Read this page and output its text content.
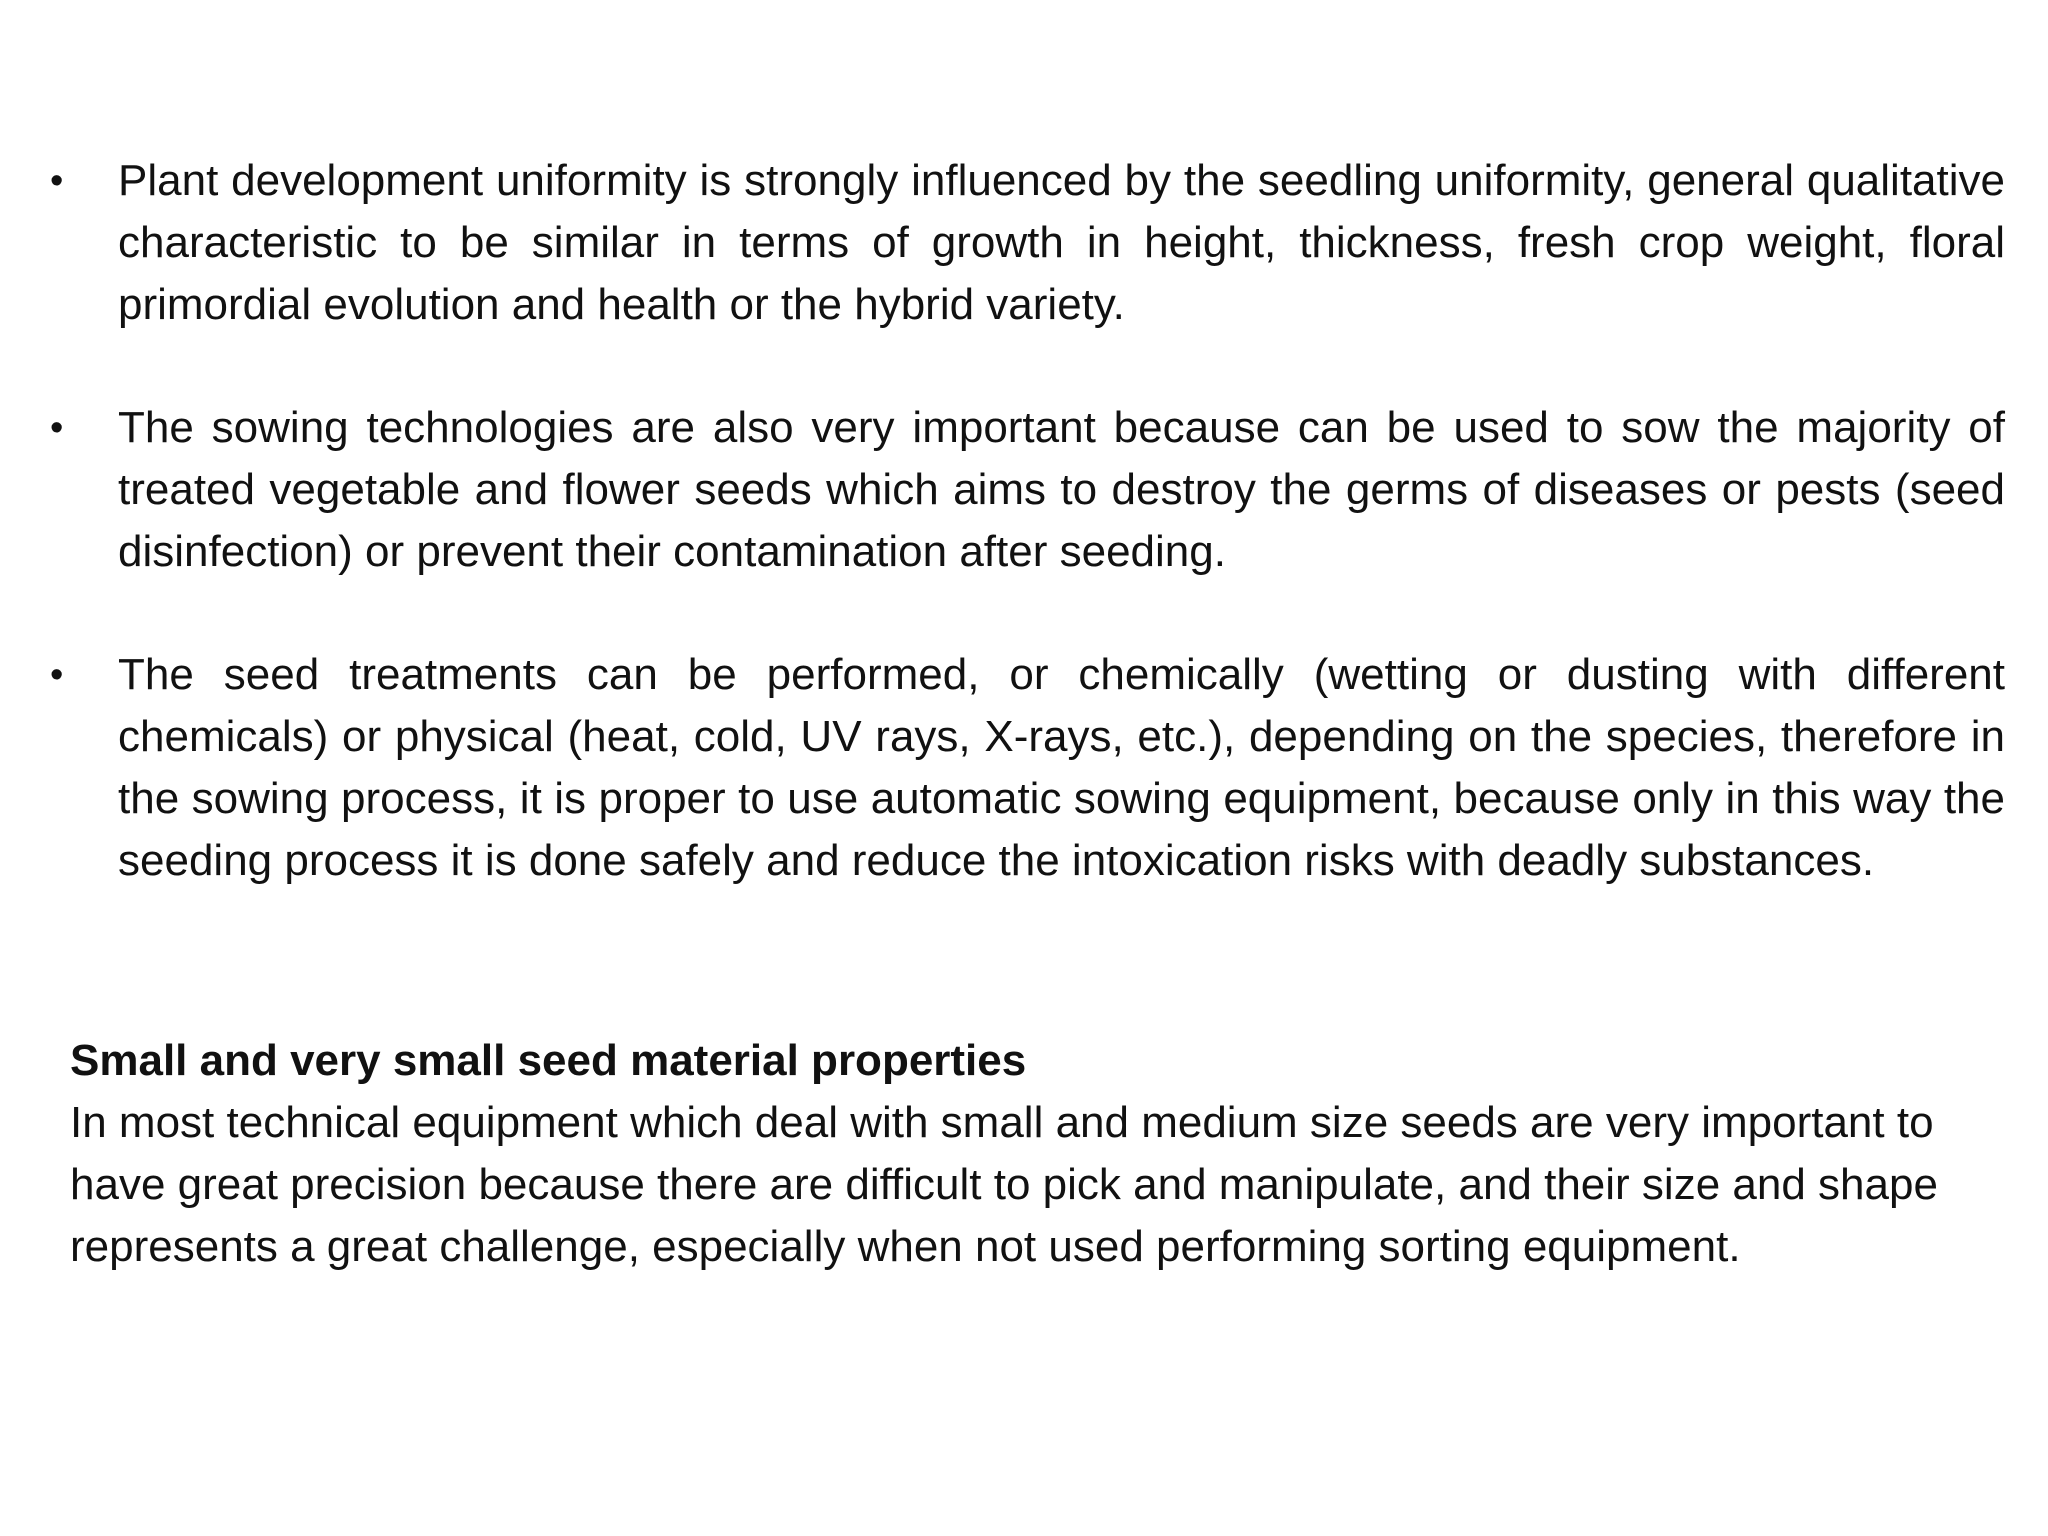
• Plant development uniformity is strongly influenced by the seedling uniformity, general qualitative characteristic to be similar in terms of growth in height, thickness, fresh crop weight, floral primordial evolution and health or the hybrid variety.
• The sowing technologies are also very important because can be used to sow the majority of treated vegetable and flower seeds which aims to destroy the germs of diseases or pests (seed disinfection) or prevent their contamination after seeding.
• The seed treatments can be performed, or chemically (wetting or dusting with different chemicals) or physical (heat, cold, UV rays, X-rays, etc.), depending on the species, therefore in the sowing process, it is proper to use automatic sowing equipment, because only in this way the seeding process it is done safely and reduce the intoxication risks with deadly substances.

Small and very small seed material properties

In most technical equipment which deal with small and medium size seeds are very important to have great precision because there are difficult to pick and manipulate, and their size and shape represents a great challenge, especially when not used performing sorting equipment.
